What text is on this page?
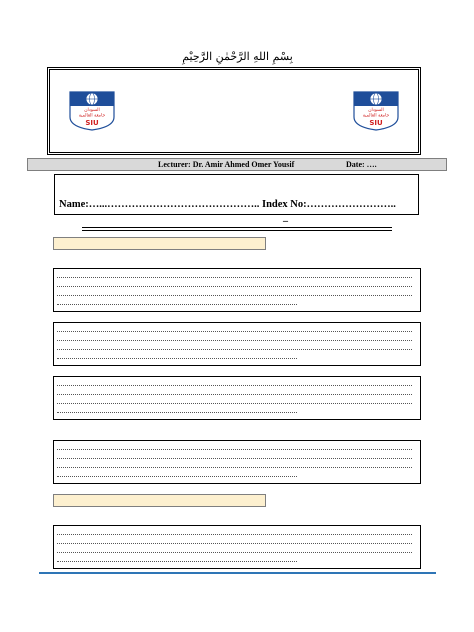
بِسْمِ اللهِ الرَّحْمٰنِ الرَّحِيْمِ
السودان
جامعة العالمية
SIU
السودان
جامعة العالمية
SIU
Lecturer: Dr. Amir Ahmed Omer Yousif	Date: ….
Name:…...…………………………………….. Index No:……………………..
_
